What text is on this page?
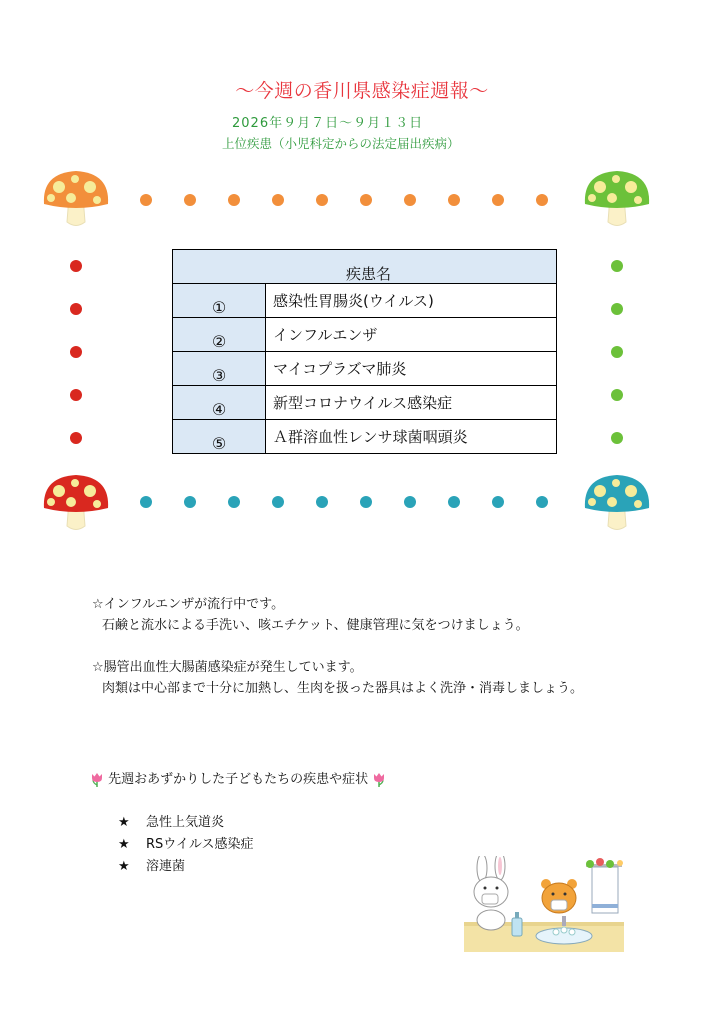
～今週の香川県感染症週報～
2026年９月７日～９月１３日
上位疾患（小児科定からの法定届出疾病）
疾患名	
①	感染性胃腸炎(ウイルス)
②	インフルエンザ
③	マイコプラズマ肺炎
④	新型コロナウイルス感染症
⑤	Ａ群溶血性レンサ球菌咽頭炎
☆インフルエンザが流行中です。
石鹸と流水による手洗い、咳エチケット、健康管理に気をつけましょう。
☆腸管出血性大腸菌感染症が発生しています。
肉類は中心部まで十分に加熱し、生肉を扱った器具はよく洗浄・消毒しましょう。
先週おあずかりした子どもたちの疾患や症状
★ 急性上気道炎
★ RSウイルス感染症
★ 溶連菌
